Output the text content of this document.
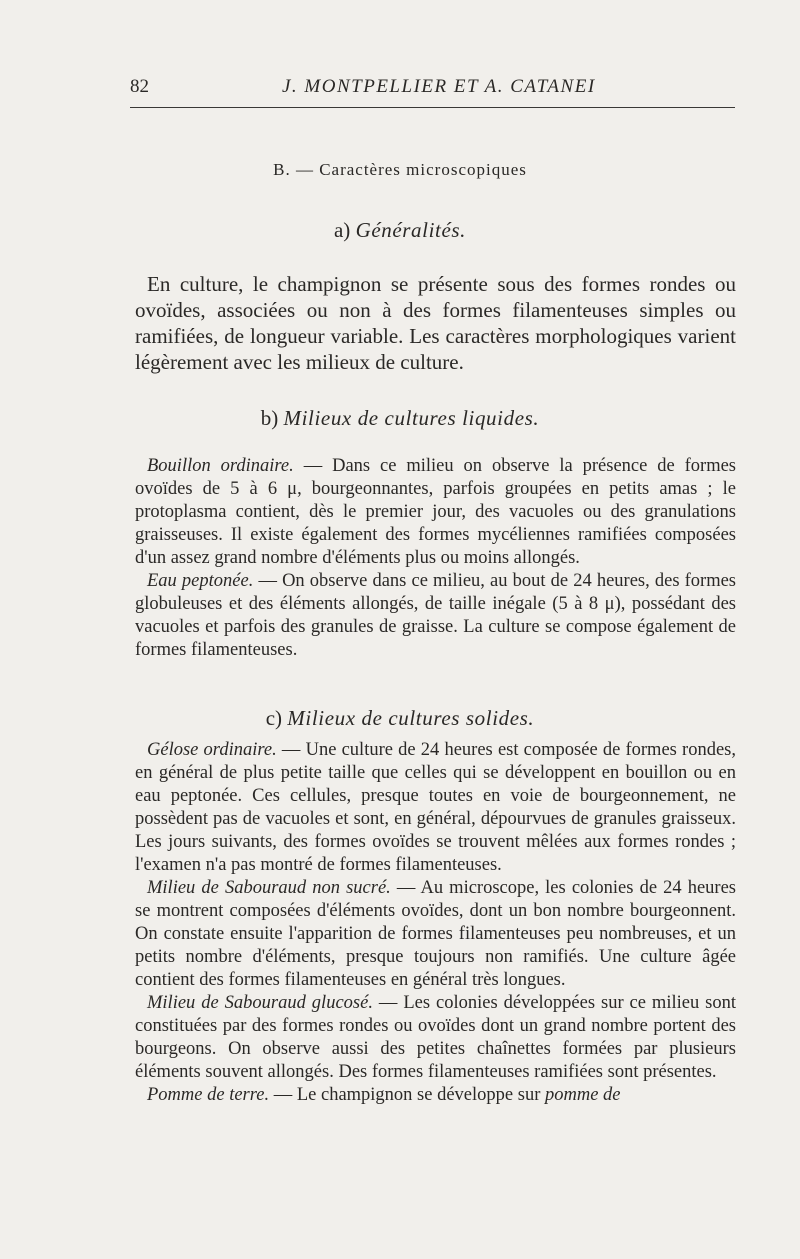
82	J. MONTPELLIER ET A. CATANEI
B. — Caractères microscopiques
a) Généralités.

En culture, le champignon se présente sous des formes rondes ou ovoïdes, associées ou non à des formes filamenteuses simples ou ramifiées, de longueur variable. Les caractères morphologiques varient légèrement avec les milieux de culture.

b) Milieux de cultures liquides.

Bouillon ordinaire. — Dans ce milieu on observe la présence de formes ovoïdes de 5 à 6 μ, bourgeonnantes, parfois groupées en petits amas ; le protoplasma contient, dès le premier jour, des vacuoles ou des granulations graisseuses. Il existe également des formes mycéliennes ramifiées composées d'un assez grand nombre d'éléments plus ou moins allongés.

Eau peptonée. — On observe dans ce milieu, au bout de 24 heures, des formes globuleuses et des éléments allongés, de taille inégale (5 à 8 μ), possédant des vacuoles et parfois des granules de graisse. La culture se compose également de formes filamenteuses.

c) Milieux de cultures solides.

Gélose ordinaire. — Une culture de 24 heures est composée de formes rondes, en général de plus petite taille que celles qui se développent en bouillon ou en eau peptonée. Ces cellules, presque toutes en voie de bourgeonnement, ne possèdent pas de vacuoles et sont, en général, dépourvues de granules graisseux. Les jours suivants, des formes ovoïdes se trouvent mêlées aux formes rondes ; l'examen n'a pas montré de formes filamenteuses.

Milieu de Sabouraud non sucré. — Au microscope, les colonies de 24 heures se montrent composées d'éléments ovoïdes, dont un bon nombre bourgeonnent. On constate ensuite l'apparition de formes filamenteuses peu nombreuses, et un petits nombre d'éléments, presque toujours non ramifiés. Une culture âgée contient des formes filamenteuses en général très longues.

Milieu de Sabouraud glucosé. — Les colonies développées sur ce milieu sont constituées par des formes rondes ou ovoïdes dont un grand nombre portent des bourgeons. On observe aussi des petites chaînettes formées par plusieurs éléments souvent allongés. Des formes filamenteuses ramifiées sont présentes.

Pomme de terre. — Le champignon se développe sur pomme de
